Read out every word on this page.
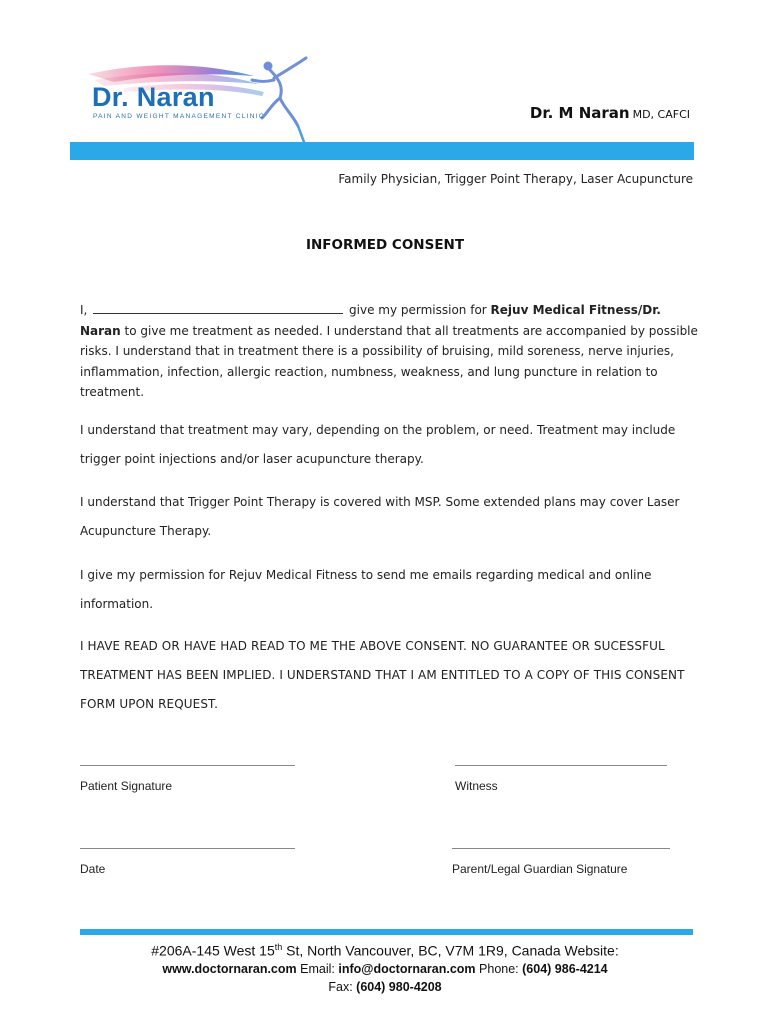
Dr. Naran
PAIN AND WEIGHT MANAGEMENT CLINIC	Dr. M Naran MD, CAFCI
Family Physician, Trigger Point Therapy, Laser Acupuncture
INFORMED CONSENT
I,	give my permission for Rejuv Medical Fitness/Dr. Naran to give me treatment as needed. I understand that all treatments are accompanied by possible risks. I understand that in treatment there is a possibility of bruising, mild soreness, nerve injuries, inflammation, infection, allergic reaction, numbness, weakness, and lung puncture in relation to treatment.
I understand that treatment may vary, depending on the problem, or need. Treatment may include trigger point injections and/or laser acupuncture therapy.
I understand that Trigger Point Therapy is covered with MSP. Some extended plans may cover Laser Acupuncture Therapy.
I give my permission for Rejuv Medical Fitness to send me emails regarding medical and online information.
I HAVE READ OR HAVE HAD READ TO ME THE ABOVE CONSENT. NO GUARANTEE OR SUCESSFUL TREATMENT HAS BEEN IMPLIED. I UNDERSTAND THAT I AM ENTITLED TO A COPY OF THIS CONSENT FORM UPON REQUEST.
Patient Signature	Witness
Date	Parent/Legal Guardian Signature
#206A-145 West 15th St, North Vancouver, BC, V7M 1R9, Canada Website:
www.doctornaran.com Email: info@doctornaran.com Phone: (604) 986-4214
Fax: (604) 980-4208
